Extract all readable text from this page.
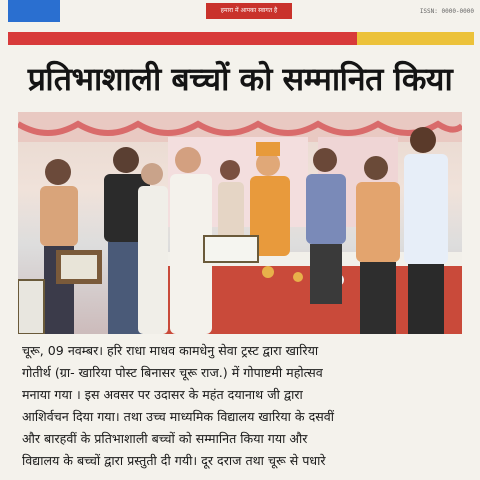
हमारा में आपका स्वागत है	ISSN: 0000-0000
प्रतिभाशाली बच्चों को सम्मानित किया
चूरू, 09 नवम्बर। हरि राधा माधव कामधेनु सेवा ट्रस्ट द्वारा खारिया
गोतीर्थ (ग्रा- खारिया पोस्ट बिनासर चूरू राज.) में गोपाष्टमी महोत्सव
मनाया गया । इस अवसर पर उदासर के महंत दयानाथ जी द्वारा
आशिर्वचन दिया गया। तथा उच्च माध्यमिक विद्यालय खारिया के दसवीं
और बारहवीं के प्रतिभाशाली बच्चों को सम्मानित किया गया और
विद्यालय के बच्चों द्वारा प्रस्तुती दी गयी। दूर दराज तथा चूरू से पधारे
